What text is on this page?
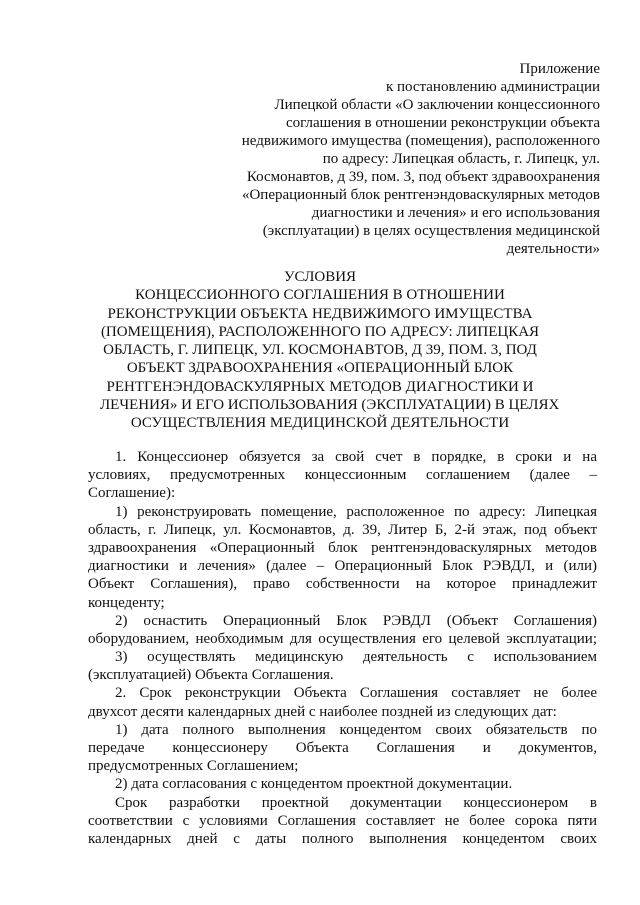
Приложение
к постановлению администрации
Липецкой области «О заключении концессионного
соглашения в отношении реконструкции объекта
недвижимого имущества (помещения), расположенного
по адресу: Липецкая область, г. Липецк, ул.
Космонавтов, д 39, пом. 3, под объект здравоохранения
«Операционный блок рентгенэндоваскулярных методов
диагностики и лечения» и его использования
(эксплуатации) в целях осуществления медицинской
деятельности»
УСЛОВИЯ
КОНЦЕССИОННОГО СОГЛАШЕНИЯ В ОТНОШЕНИИ
РЕКОНСТРУКЦИИ ОБЪЕКТА НЕДВИЖИМОГО ИМУЩЕСТВА
(ПОМЕЩЕНИЯ), РАСПОЛОЖЕННОГО ПО АДРЕСУ: ЛИПЕЦКАЯ
ОБЛАСТЬ, Г. ЛИПЕЦК, УЛ. КОСМОНАВТОВ, Д 39, ПОМ. 3, ПОД
ОБЪЕКТ ЗДРАВООХРАНЕНИЯ «ОПЕРАЦИОННЫЙ БЛОК
РЕНТГЕНЭНДОВАСКУЛЯРНЫХ МЕТОДОВ ДИАГНОСТИКИ И
ЛЕЧЕНИЯ» И ЕГО ИСПОЛЬЗОВАНИЯ (ЭКСПЛУАТАЦИИ) В ЦЕЛЯХ
ОСУЩЕСТВЛЕНИЯ МЕДИЦИНСКОЙ ДЕЯТЕЛЬНОСТИ
1. Концессионер обязуется за свой счет в порядке, в сроки и на
условиях, предусмотренных концессионным соглашением (далее –
Соглашение):
1) реконструировать помещение, расположенное по адресу: Липецкая
область, г. Липецк, ул. Космонавтов, д. 39, Литер Б, 2-й этаж, под объект
здравоохранения «Операционный блок рентгенэндоваскулярных методов
диагностики и лечения» (далее – Операционный Блок РЭВДЛ, и (или)
Объект Соглашения), право собственности на которое принадлежит
концеденту;
2) оснастить Операционный Блок РЭВДЛ (Объект Соглашения)
оборудованием, необходимым для осуществления его целевой эксплуатации;
3) осуществлять медицинскую деятельность с использованием
(эксплуатацией) Объекта Соглашения.
2. Срок реконструкции Объекта Соглашения составляет не более
двухсот десяти календарных дней с наиболее поздней из следующих дат:
1) дата полного выполнения концедентом своих обязательств по
передаче концессионеру Объекта Соглашения и документов,
предусмотренных Соглашением;
2) дата согласования с концедентом проектной документации.
Срок разработки проектной документации концессионером в
соответствии с условиями Соглашения составляет не более сорока пяти
календарных дней с даты полного выполнения концедентом своих
